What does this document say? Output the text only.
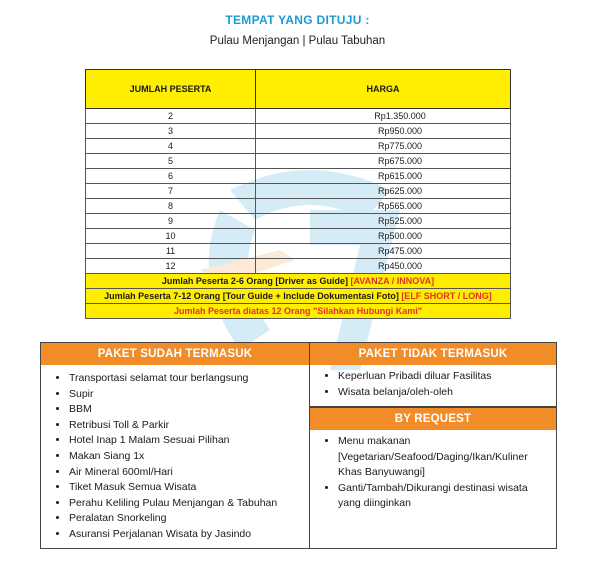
TEMPAT YANG DITUJU :
Pulau Menjangan | Pulau Tabuhan
JUMLAH PESERTA	HARGA
2	Rp1.350.000
3	Rp950.000
4	Rp775.000
5	Rp675.000
6	Rp615.000
7	Rp625.000
8	Rp565.000
9	Rp525.000
10	Rp500.000
11	Rp475.000
12	Rp450.000
Jumlah Peserta 2-6 Orang [Driver as Guide] [AVANZA / INNOVA]	
Jumlah Peserta 7-12 Orang [Tour Guide + Include Dokumentasi Foto] [ELF SHORT / LONG]	
Jumlah Peserta diatas 12 Orang "Silahkan Hubungi Kami"	
PAKET SUDAH TERMASUK
• Transportasi selamat tour berlangsung
• Supir
• BBM
• Retribusi Toll & Parkir
• Hotel Inap 1 Malam Sesuai Pilihan
• Makan Siang 1x
• Air Mineral 600ml/Hari
• Tiket Masuk Semua Wisata
• Perahu Keliling Pulau Menjangan & Tabuhan
• Peralatan Snorkeling
• Asuransi Perjalanan Wisata by Jasindo
PAKET TIDAK TERMASUK
• Keperluan Pribadi diluar Fasilitas
• Wisata belanja/oleh-oleh
BY REQUEST
• Menu makanan [Vegetarian/Seafood/Daging/Ikan/Kuliner Khas Banyuwangi]
• Ganti/Tambah/Dikurangi destinasi wisata yang diinginkan
